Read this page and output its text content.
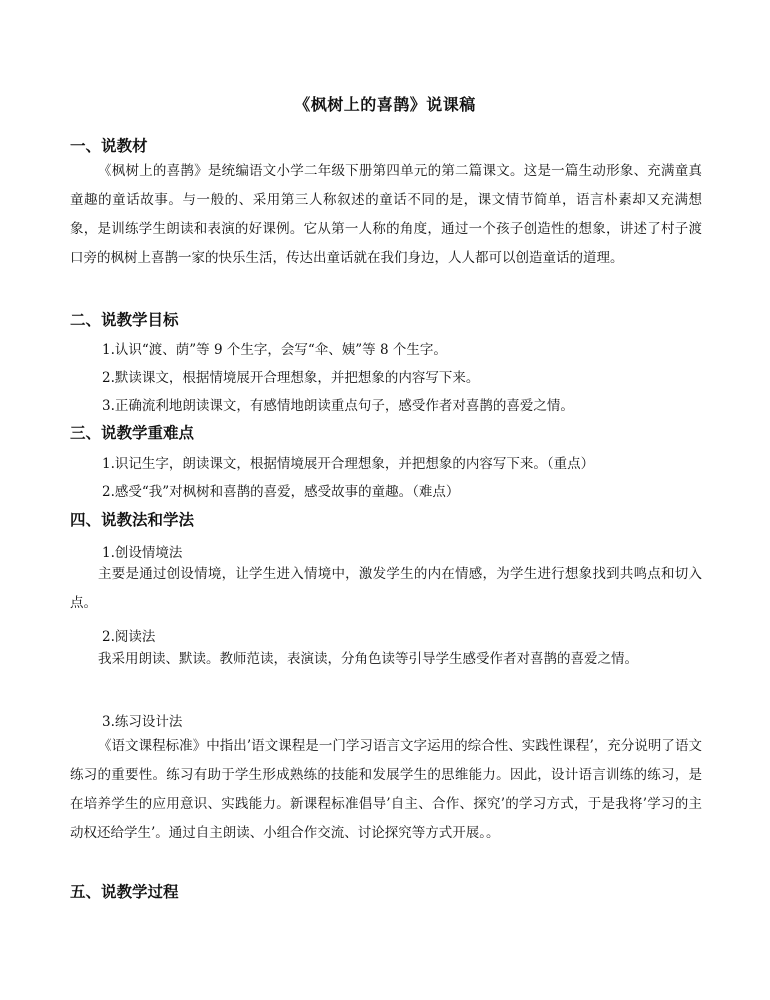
《枫树上的喜鹊》说课稿
一、说教材
《枫树上的喜鹊》是统编语文小学二年级下册第四单元的第二篇课文。这是一篇生动形象、充满童真童趣的童话故事。与一般的、采用第三人称叙述的童话不同的是，课文情节简单，语言朴素却又充满想象，是训练学生朗读和表演的好课例。它从第一人称的角度，通过一个孩子创造性的想象，讲述了村子渡口旁的枫树上喜鹊一家的快乐生活，传达出童话就在我们身边，人人都可以创造童话的道理。
二、说教学目标
1.认识“渡、荫”等 9 个生字，会写“伞、姨”等 8 个生字。
2.默读课文，根据情境展开合理想象，并把想象的内容写下来。
3.正确流利地朗读课文，有感情地朗读重点句子，感受作者对喜鹊的喜爱之情。
三、说教学重难点
1.识记生字，朗读课文，根据情境展开合理想象，并把想象的内容写下来。（重点）
2.感受“我”对枫树和喜鹊的喜爱，感受故事的童趣。（难点）
四、说教法和学法
1.创设情境法
主要是通过创设情境，让学生进入情境中，激发学生的内在情感，为学生进行想象找到共鸣点和切入点。
2.阅读法
我采用朗读、默读。教师范读，表演读，分角色读等引导学生感受作者对喜鹊的喜爱之情。
3.练习设计法
《语文课程标准》中指出’语文课程是一门学习语言文字运用的综合性、实践性课程’，充分说明了语文练习的重要性。练习有助于学生形成熟练的技能和发展学生的思维能力。因此，设计语言训练的练习，是在培养学生的应用意识、实践能力。新课程标准倡导’自主、合作、探究’的学习方式，于是我将’学习的主动权还给学生’。通过自主朗读、小组合作交流、讨论探究等方式开展。。
五、说教学过程
